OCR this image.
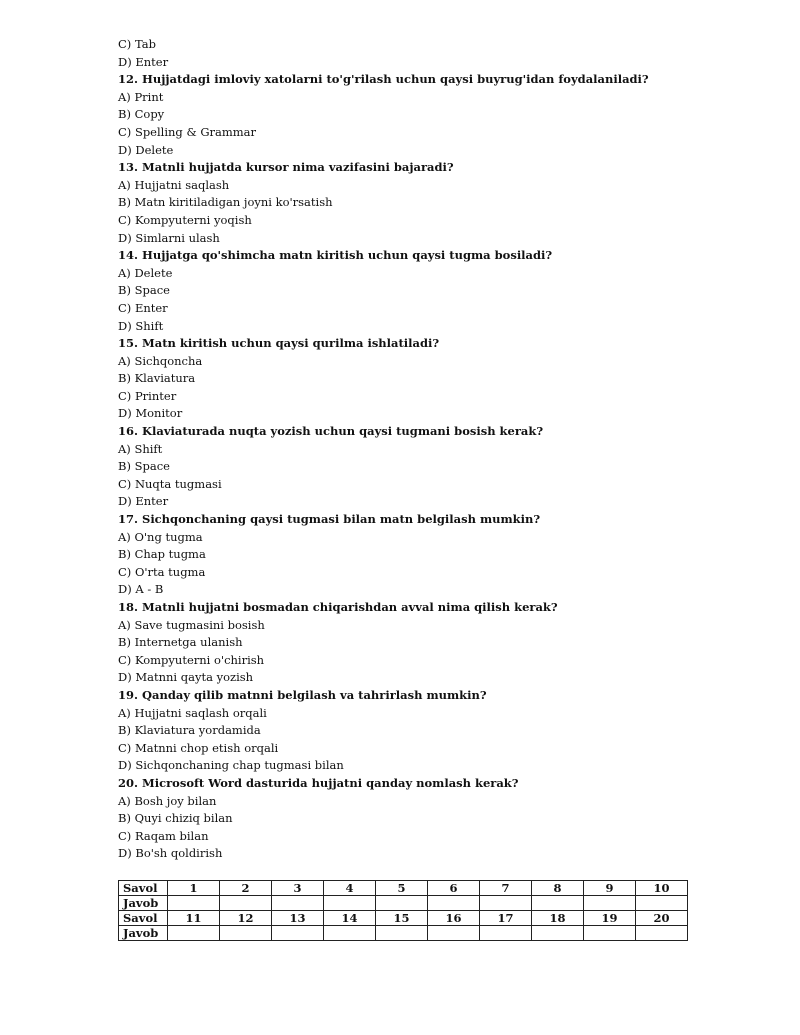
C) Tab
D) Enter
12. Hujjatdagi imloviy xatolarni to'g'rilash uchun qaysi buyrug'idan foydalaniladi?
A) Print
B) Copy
C) Spelling & Grammar
D) Delete
13. Matnli hujjatda kursor nima vazifasini bajaradi?
A) Hujjatni saqlash
B) Matn kiritiladigan joyni ko'rsatish
C) Kompyuterni yoqish
D) Simlarni ulash
14. Hujjatga qo'shimcha matn kiritish uchun qaysi tugma bosiladi?
A) Delete
B) Space
C) Enter
D) Shift
15. Matn kiritish uchun qaysi qurilma ishlatiladi?
A) Sichqoncha
B) Klaviatura
C) Printer
D) Monitor
16. Klaviaturada nuqta yozish uchun qaysi tugmani bosish kerak?
A) Shift
B) Space
C) Nuqta tugmasi
D) Enter
17. Sichqonchaning qaysi tugmasi bilan matn belgilash mumkin?
A) O'ng tugma
B) Chap tugma
C) O'rta tugma
D) A - B
18. Matnli hujjatni bosmadan chiqarishdan avval nima qilish kerak?
A) Save tugmasini bosish
B) Internetga ulanish
C) Kompyuterni o'chirish
D) Matnni qayta yozish
19. Qanday qilib matnni belgilash va tahrirlash mumkin?
A) Hujjatni saqlash orqali
B) Klaviatura yordamida
C) Matnni chop etish orqali
D) Sichqonchaning chap tugmasi bilan
20. Microsoft Word dasturida hujjatni qanday nomlash kerak?
A) Bosh joy bilan
B) Quyi chiziq bilan
C) Raqam bilan
D) Bo'sh qoldirish
Savol	1	2	3	4	5	6	7	8	9	10
Javob										
Savol	11	12	13	14	15	16	17	18	19	20
Javob										
